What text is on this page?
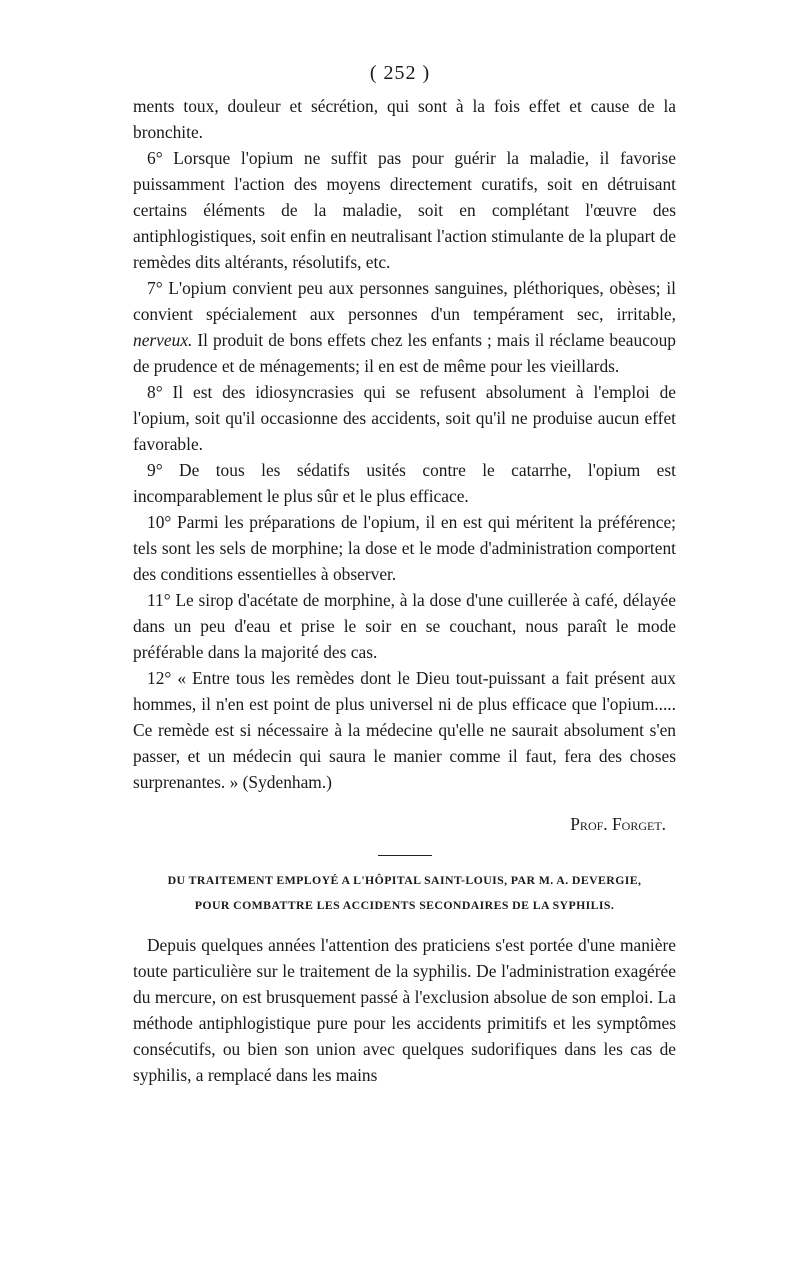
( 252 )

ments toux, douleur et sécrétion, qui sont à la fois effet et cause de la bronchite.

6° Lorsque l'opium ne suffit pas pour guérir la maladie, il favorise puissamment l'action des moyens directement curatifs, soit en détruisant certains éléments de la maladie, soit en complétant l'œuvre des antiphlogistiques, soit enfin en neutralisant l'action stimulante de la plupart de remèdes dits altérants, résolutifs, etc.

7° L'opium convient peu aux personnes sanguines, pléthoriques, obèses; il convient spécialement aux personnes d'un tempérament sec, irritable, nerveux. Il produit de bons effets chez les enfants ; mais il réclame beaucoup de prudence et de ménagements; il en est de même pour les vieillards.

8° Il est des idiosyncrasies qui se refusent absolument à l'emploi de l'opium, soit qu'il occasionne des accidents, soit qu'il ne produise aucun effet favorable.

9° De tous les sédatifs usités contre le catarrhe, l'opium est incomparablement le plus sûr et le plus efficace.

10° Parmi les préparations de l'opium, il en est qui méritent la préférence; tels sont les sels de morphine; la dose et le mode d'administration comportent des conditions essentielles à observer.

11° Le sirop d'acétate de morphine, à la dose d'une cuillerée à café, délayée dans un peu d'eau et prise le soir en se couchant, nous paraît le mode préférable dans la majorité des cas.

12° « Entre tous les remèdes dont le Dieu tout-puissant a fait présent aux hommes, il n'en est point de plus universel ni de plus efficace que l'opium..... Ce remède est si nécessaire à la médecine qu'elle ne saurait absolument s'en passer, et un médecin qui saura le manier comme il faut, fera des choses surprenantes. » (Sydenham.)

Prof. Forget.

DU TRAITEMENT EMPLOYÉ A L'HÔPITAL SAINT-LOUIS, PAR M. A. DEVERGIE,
POUR COMBATTRE LES ACCIDENTS SECONDAIRES DE LA SYPHILIS.

Depuis quelques années l'attention des praticiens s'est portée d'une manière toute particulière sur le traitement de la syphilis. De l'administration exagérée du mercure, on est brusquement passé à l'exclusion absolue de son emploi. La méthode antiphlogistique pure pour les accidents primitifs et les symptômes consécutifs, ou bien son union avec quelques sudorifiques dans les cas de syphilis, a remplacé dans les mains
